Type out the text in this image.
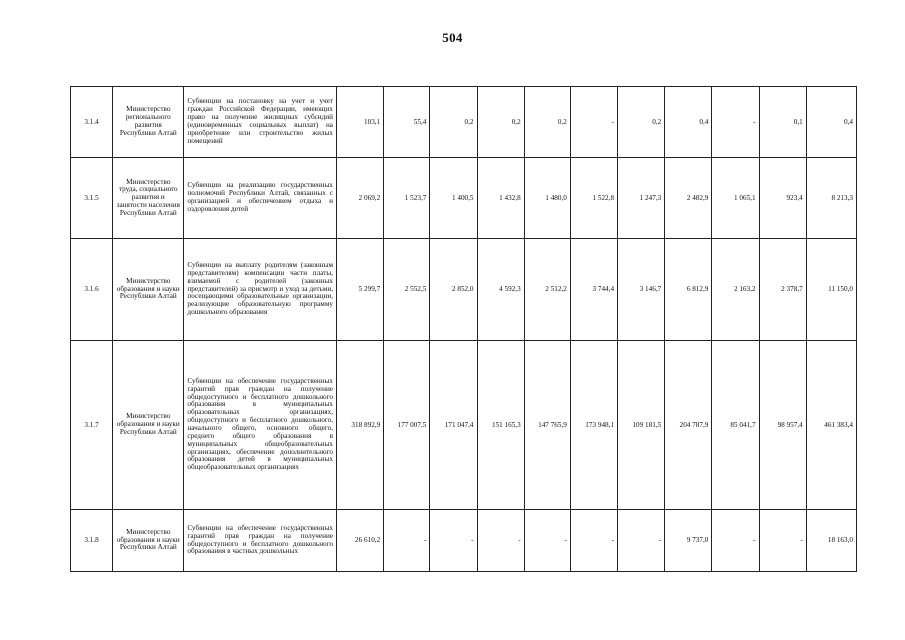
504
3.1.4	Министерство регионального развития Республики Алтай	Субвенции на постановку на учет и учет граждан Российской Федерации, имеющих право на получение жилищных субсидий (единовременных социальных выплат) на приобретение или строительство жилых помещений	103,1	55,4	0,2	0,2	0,2	-	0,2	0,4	-	0,1	0,4
3.1.5	Министерство труда, социального развития и занятости населения Республики Алтай	Субвенции на реализацию государственных полномочий Республики Алтай, связанных с организацией и обеспечением отдыха и оздоровления детей	2 069,2	1 523,7	1 400,5	1 432,8	1 480,0	1 522,8	1 247,3	2 482,9	1 065,1	923,4	8 213,3
3.1.6	Министерство образования и науки Республики Алтай	Субвенции на выплату родителям (законным представителям) компенсации части платы, взимаемой с родителей (законных представителей) за присмотр и уход за детьми, посещающими образовательные организации, реализующие образовательную программу дошкольного образования	5 299,7	2 552,5	2 852,0	4 592,3	2 512,2	3 744,4	3 146,7	6 812,9	2 163,2	2 378,7	11 150,0
3.1.7	Министерство образования и науки Республики Алтай	Субвенции на обеспечение государственных гарантий прав граждан на получение общедоступного и бесплатного дошкольного образования в муниципальных образовательных организациях, общедоступного и бесплатного дошкольного, начального общего, основного общего, среднего общего образования в муниципальных общеобразовательных организациях, обеспечение дополнительного образования детей в муниципальных общеобразовательных организациях	318 892,9	177 007,5	171 047,4	151 165,3	147 765,9	173 948,1	109 181,5	204 787,9	85 041,7	98 957,4	461 383,4
3.1.8	Министерство образования и науки Республики Алтай	Субвенции на обеспечение государственных гарантий прав граждан на получение общедоступного и бесплатного дошкольного образования в частных дошкольных	26 610,2	-	-	-	-	-	-	9 737,0	-	-	18 163,0
